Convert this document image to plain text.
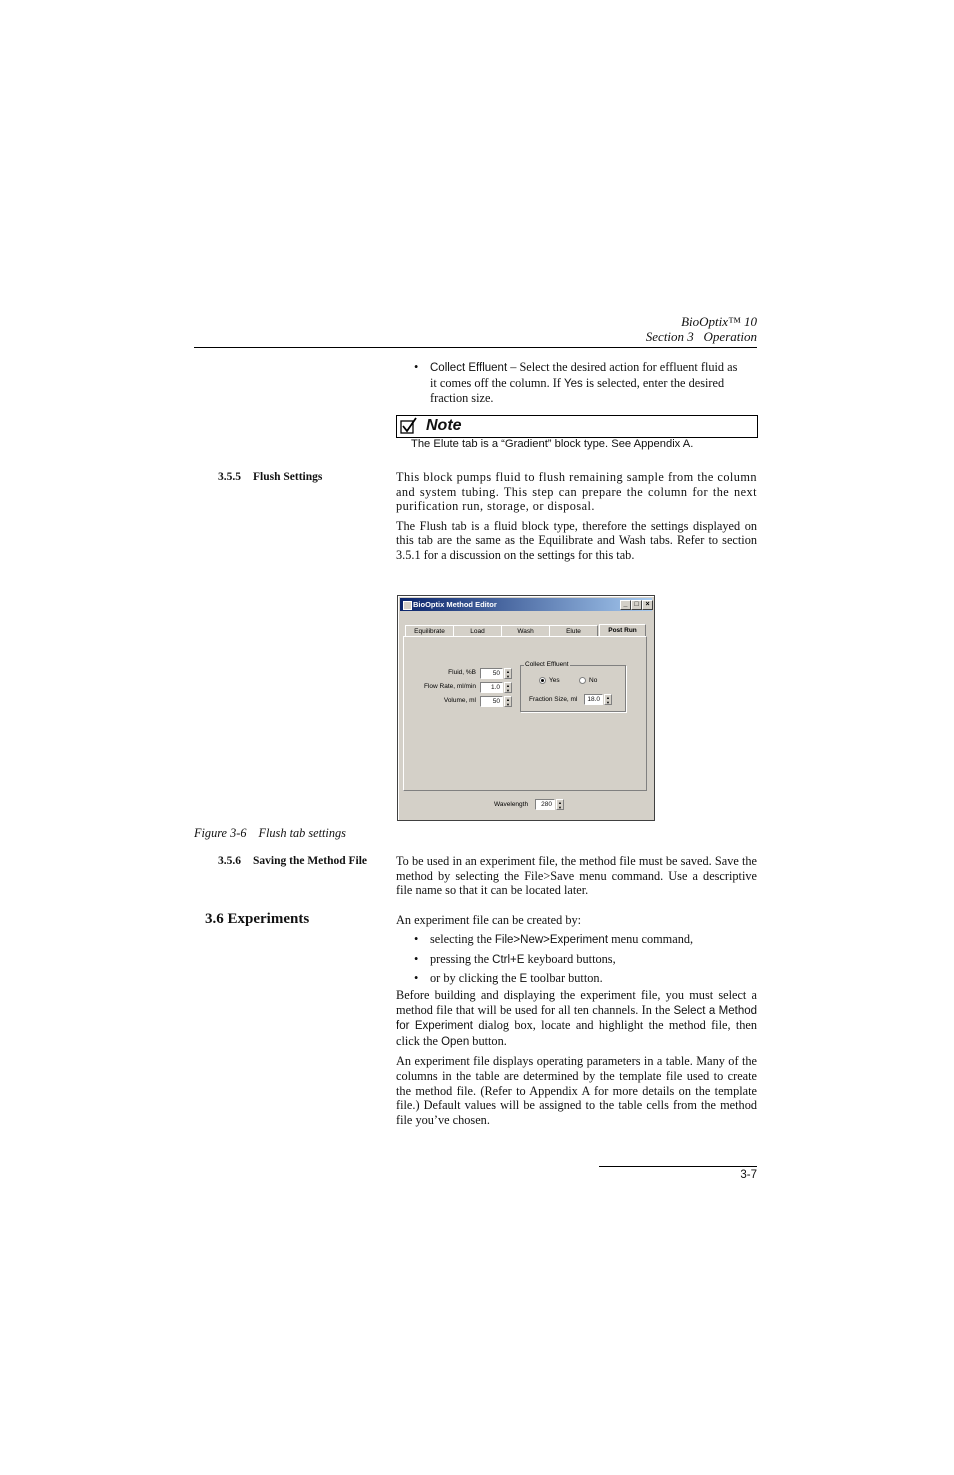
BioOptix™ 10
Section 3   Operation
• Collect Effluent – Select the desired action for effluent fluid as it comes off the column. If Yes is selected, enter the desired fraction size.
Note
The Elute tab is a “Gradient” block type. See Appendix A.
3.5.5 Flush Settings	This block pumps fluid to flush remaining sample from the column and system tubing. This step can prepare the column for the next purification run, storage, or disposal.

The Flush tab is a fluid block type, therefore the settings displayed on this tab are the same as the Equilibrate and Wash tabs. Refer to section 3.5.1 for a discussion on the settings for this tab.

BioOptix Method Editor	_ □ ×
Equilibrate	Load	Wash	Elute	Post Run
Fluid, %B	50	▲
▼
Flow Rate, ml/min	1.0	▲
▼
Volume, ml	50	▲
▼
Collect Effluent
Yes	No
Fraction Size, ml	18.0	▲
▼
Wavelength	280	▲
▼
Figure 3-6 Flush tab settings
3.5.6 Saving the Method File To be used in an experiment file, the method file must be saved. Save the method by selecting the File>Save menu command. Use a descriptive file name so that it can be located later.

3.6 Experiments	An experiment file can be created by:
• selecting the File>New>Experiment menu command,
• pressing the Ctrl+E keyboard buttons,
• or by clicking the E toolbar button.

Before building and displaying the experiment file, you must select a method file that will be used for all ten channels. In the Select a Method for Experiment dialog box, locate and highlight the method file, then click the Open button.

An experiment file displays operating parameters in a table. Many of the columns in the table are determined by the template file used to create the method file. (Refer to Appendix A for more details on the template file.) Default values will be assigned to the table cells from the method file you’ve chosen.

3-7
